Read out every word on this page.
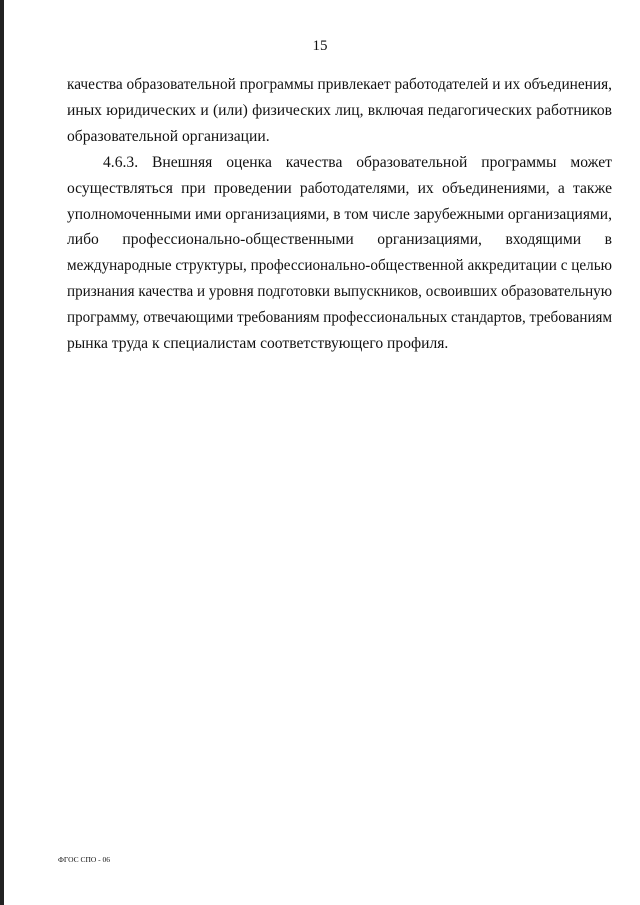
15
качества образовательной программы привлекает работодателей и их объединения,
иных юридических и (или) физических лиц, включая педагогических работников
образовательной организации.
4.6.3. Внешняя оценка качества образовательной программы может
осуществляться при проведении работодателями, их объединениями, а также
уполномоченными ими организациями, в том числе зарубежными организациями,
либо профессионально-общественными организациями, входящими в
международные структуры, профессионально-общественной аккредитации с целью
признания качества и уровня подготовки выпускников, освоивших образовательную
программу, отвечающими требованиям профессиональных стандартов, требованиям
рынка труда к специалистам соответствующего профиля.
ФГОС СПО - 06
